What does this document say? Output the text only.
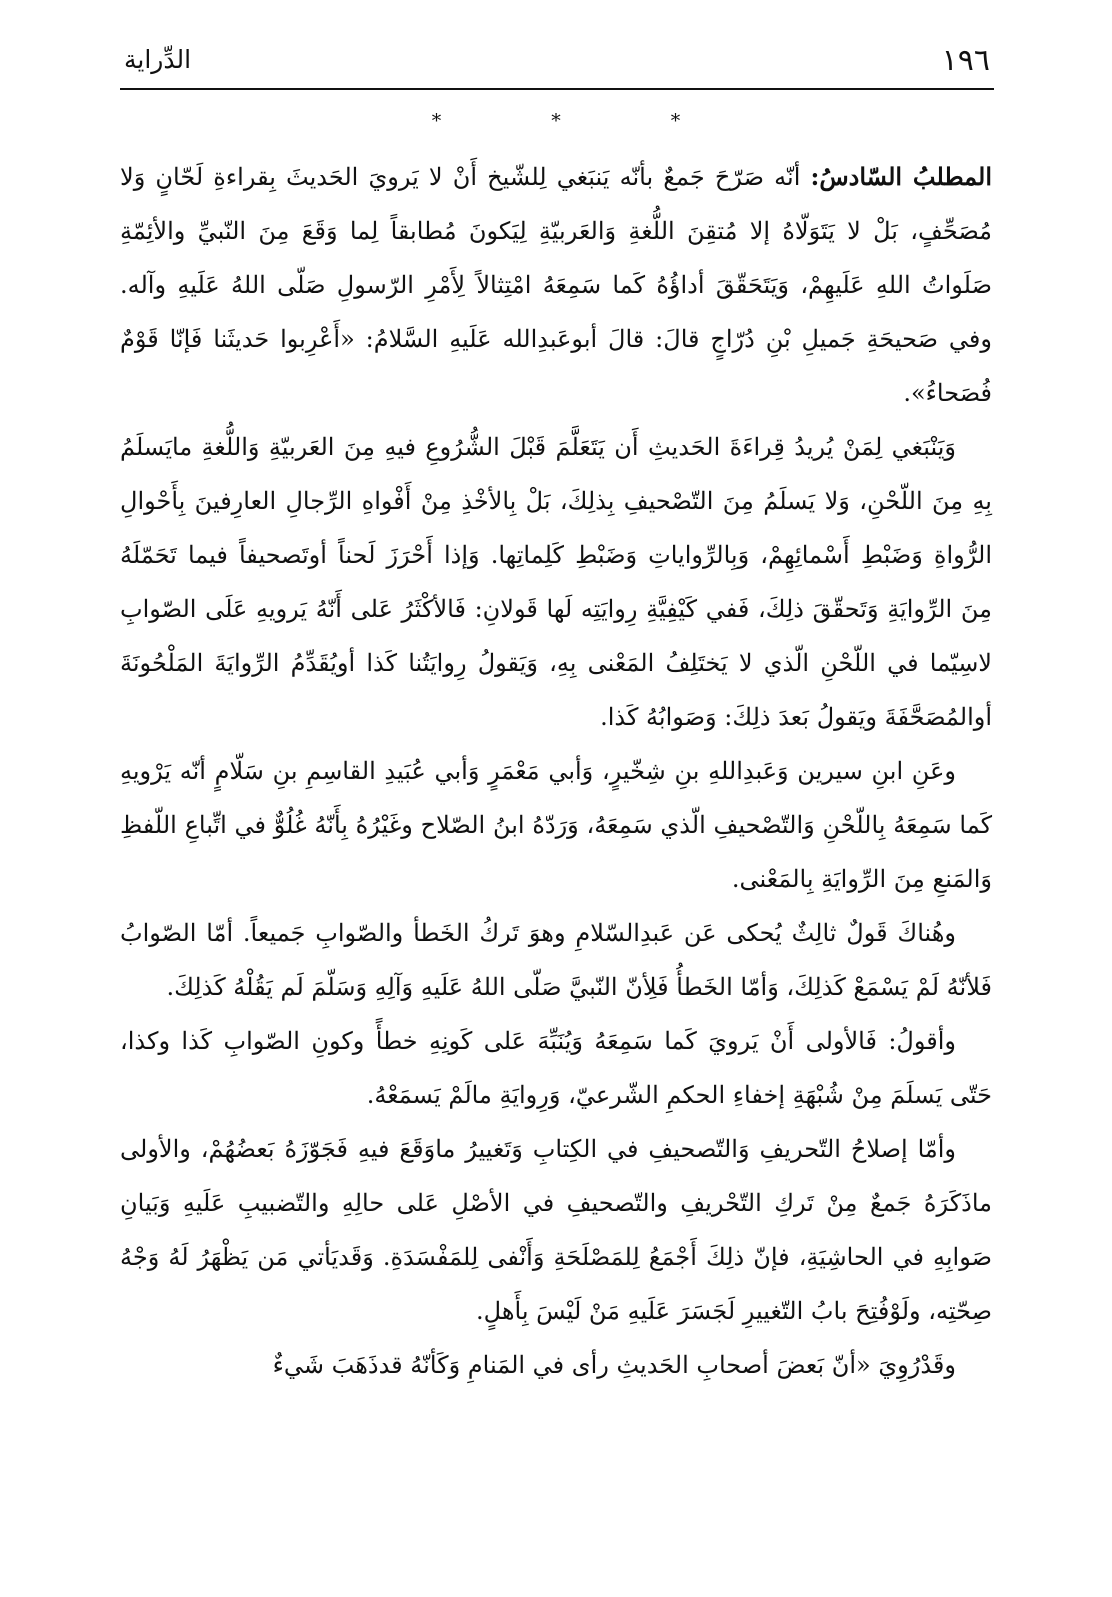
١٩٦
الدِّراية
* * *

المطلبُ السّادسُ: أنّه صَرّحَ جَمعٌ بأنّه يَنبَغي لِلشّيخ أَنْ لا يَرويَ الحَديثَ بِقراءةِ لَحّانٍ وَلا مُصَحِّفٍ، بَلْ لا يَتَوَلّاهُ إلا مُتقِنَ اللُّغةِ وَالعَربيّةِ لِيَكونَ مُطابقاً لِما وَقَعَ مِنَ النّبيِّ والأئِمّةِ صَلَواتُ اللهِ عَلَيهِمْ، وَيَتَحَقّقَ أداؤُهُ كَما سَمِعَهُ امْتِثالاً لِأَمْرِ الرّسولِ صَلّى اللهُ عَلَيهِ وآله. وفي صَحيحَةِ جَميلِ بْنِ دُرّاجٍ قالَ: قالَ أبوعَبدِالله عَلَيهِ السَّلامُ: «أَعْرِبوا حَديثَنا فَإنّا قَوْمٌ فُصَحاءُ».

وَيَنْبَغي لِمَنْ يُريدُ قِراءَةَ الحَديثِ أَن يَتَعَلَّمَ قَبْلَ الشُّرُوعِ فيهِ مِنَ العَربيّةِ وَاللُّغةِ مايَسلَمُ بِهِ مِنَ اللّحْنِ، وَلا يَسلَمُ مِنَ التّصْحيفِ بِذلِكَ، بَلْ بِالأخْذِ مِنْ أَفْواهِ الرِّجالِ العارِفينَ بِأَحْوالِ الرُّواةِ وَضَبْطِ أَسْمائِهِمْ، وَبِالرِّواياتِ وَضَبْطِ كَلِماتِها. وَإذا أَحْرَزَ لَحناً أوتَصحيفاً فيما تَحَمّلَهُ مِنَ الرِّوايَةِ وَتَحقّقَ ذلِكَ، فَفي كَيْفِيَّةِ رِوايَتِه لَها قَولانِ: فَالأكْثَرُ عَلى أَنّهُ يَرويهِ عَلَى الصّوابِ لاسِيّما في اللّحْنِ الّذي لا يَختَلِفُ المَعْنى بِهِ، وَيَقولُ رِوايَتُنا كَذا أويُقَدِّمُ الرِّوايَةَ المَلْحُونَةَ أوالمُصَحَّفَةَ ويَقولُ بَعدَ ذلِكَ: وَصَوابُهُ كَذا.

وعَنِ ابنِ سيرين وَعَبدِاللهِ بنِ شِخّيرٍ، وَأبي مَعْمَرٍ وَأبي عُبَيدِ القاسِمِ بنِ سَلّامٍ أنّه يَرْويهِ كَما سَمِعَهُ بِاللّحْنِ وَالتّصْحيفِ الّذي سَمِعَهُ، وَرَدّهُ ابنُ الصّلاح وغَيْرُهُ بِأَنّهُ غُلُوٌّ في اتِّباعِ اللّفظِ وَالمَنعِ مِنَ الرِّوايَةِ بِالمَعْنى.

وهُناكَ قَولٌ ثالِثٌ يُحكى عَن عَبدِالسّلامِ وهوَ تَركُ الخَطأ والصّوابِ جَميعاً. أمّا الصّوابُ فَلأنّهُ لَمْ يَسْمَعْ كَذلِكَ، وَأمّا الخَطأُ فَلِأنّ النّبيَّ صَلّى اللهُ عَلَيهِ وَآلِهِ وَسَلّمَ لَم يَقُلْهُ كَذلِكَ.

وأقولُ: فَالأولى أَنْ يَرويَ كَما سَمِعَهُ وَيُنَبِّهَ عَلى كَونِهِ خطأً وكونِ الصّوابِ كَذا وكذا، حَتّى يَسلَمَ مِنْ شُبْهَةِ إخفاءِ الحكمِ الشّرعيّ، وَرِوايَةِ مالَمْ يَسمَعْهُ.

وأمّا إصلاحُ التّحريفِ وَالتّصحيفِ في الكِتابِ وَتَغييرُ ماوَقَعَ فيهِ فَجَوّزَهُ بَعضُهُمْ، والأولى ماذَكَرَهُ جَمعٌ مِنْ تَركِ التّحْريفِ والتّصحيفِ في الأصْلِ عَلى حالِهِ والتّضبيبِ عَلَيهِ وَبَيانِ صَوابِهِ في الحاشِيَةِ، فإنّ ذلِكَ أَجْمَعُ لِلمَصْلَحَةِ وَأَنْفى لِلمَفْسَدَةِ. وَقَديَأتي مَن يَظْهَرُ لَهُ وَجْهُ صِحّتِه، ولَوْفُتِحَ بابُ التّغييرِ لَجَسَرَ عَلَيهِ مَنْ لَيْسَ بِأَهلٍ.

وقَدْرُوِيَ «أنّ بَعضَ أصحابِ الحَديثِ رأى في المَنامِ وَكَأنّهُ قدذَهَبَ شَيءٌ
